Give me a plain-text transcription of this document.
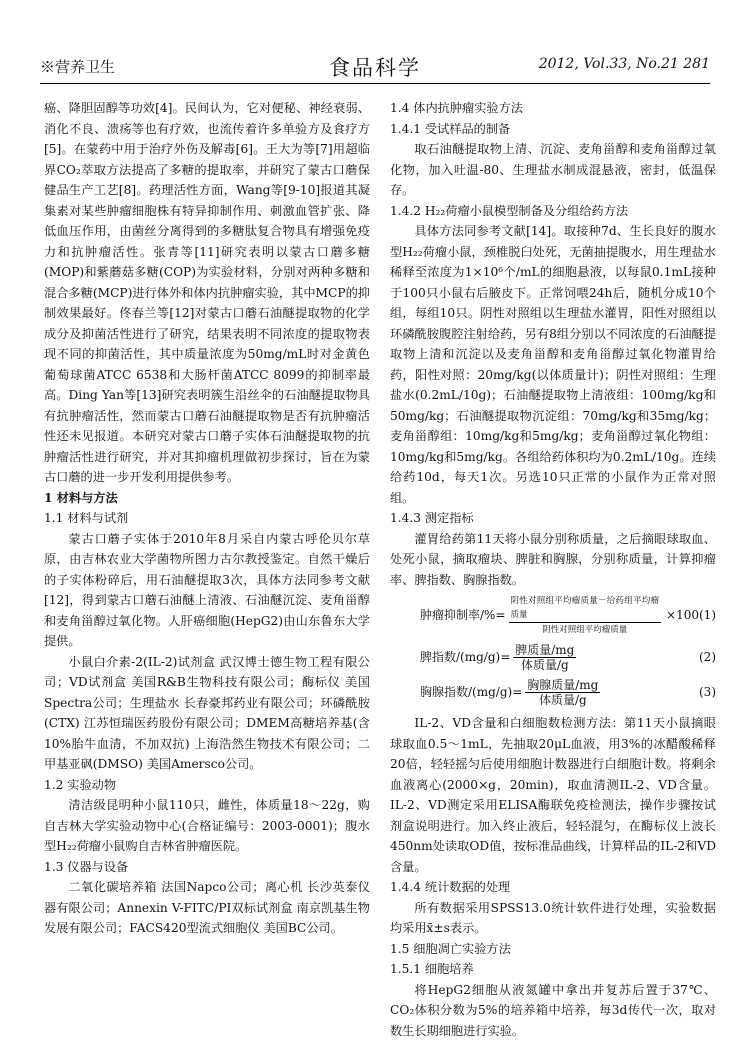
※营养卫生	食品科学	2012, Vol.33, No.21 281

癌、降胆固醇等功效[4]。民间认为，它对便秘、神经衰弱、消化不良、溃疡等也有疗效，也流传着许多单验方及食疗方[5]。在蒙药中用于治疗外伤及解毒[6]。王大为等[7]用超临界CO₂萃取方法提高了多糖的提取率，并研究了蒙古口蘑保健品生产工艺[8]。药理活性方面，Wang等[9-10]报道其凝集素对某些肿瘤细胞株有特异抑制作用、刺激血管扩张、降低血压作用，由菌丝分离得到的多糖肽复合物具有增强免疫力和抗肿瘤活性。张青等[11]研究表明以蒙古口蘑多糖(MOP)和紫蘑菇多糖(COP)为实验材料，分别对两种多糖和混合多糖(MCP)进行体外和体内抗肿瘤实验，其中MCP的抑制效果最好。佟春兰等[12]对蒙古口蘑石油醚提取物的化学成分及抑菌活性进行了研究，结果表明不同浓度的提取物表现不同的抑菌活性，其中质量浓度为50mg/mL时对金黄色葡萄球菌ATCC 6538和大肠杆菌ATCC 8099的抑制率最高。Ding Yan等[13]研究表明簇生沿丝伞的石油醚提取物具有抗肿瘤活性，然而蒙古口蘑石油醚提取物是否有抗肿瘤活性还未见报道。本研究对蒙古口蘑子实体石油醚提取物的抗肿瘤活性进行研究，并对其抑瘤机理做初步探讨，旨在为蒙古口蘑的进一步开发利用提供参考。

1 材料与方法

1.1 材料与试剂

蒙古口蘑子实体于2010年8月采自内蒙古呼伦贝尔草原，由吉林农业大学菌物所图力古尔教授鉴定。自然干燥后的子实体粉碎后，用石油醚提取3次，具体方法同参考文献[12]，得到蒙古口蘑石油醚上清液、石油醚沉淀、麦角甾醇和麦角甾醇过氧化物。人肝癌细胞(HepG2)由山东鲁东大学提供。

小鼠白介素-2(IL-2)试剂盒 武汉博士德生物工程有限公司；VD试剂盒 美国R&B生物科技有限公司；酶标仪 美国Spectra公司；生理盐水 长春豪邦药业有限公司；环磷酰胺 (CTX) 江苏恒瑞医药股份有限公司；DMEM高糖培养基(含10%胎牛血清，不加双抗) 上海浩然生物技术有限公司；二甲基亚砜(DMSO) 美国Amersco公司。

1.2 实验动物

清洁级昆明种小鼠110只，雌性，体质量18～22g，购自吉林大学实验动物中心(合格证编号：2003-0001)；腹水型H₂₂荷瘤小鼠购自吉林省肿瘤医院。

1.3 仪器与设备

二氧化碳培养箱 法国Napco公司；离心机 长沙英泰仪器有限公司；Annexin V-FITC/PI双标试剂盒 南京凯基生物发展有限公司；FACS420型流式细胞仪 美国BC公司。

1.4 体内抗肿瘤实验方法

1.4.1 受试样品的制备

取石油醚提取物上清、沉淀、麦角甾醇和麦角甾醇过氧化物，加入吐温-80、生理盐水制成混悬液，密封，低温保存。

1.4.2 H₂₂荷瘤小鼠模型制备及分组给药方法

具体方法同参考文献[14]。取接种7d、生长良好的腹水型H₂₂荷瘤小鼠，颈椎脱臼处死，无菌抽提腹水，用生理盐水稀释至浓度为1×10⁶个/mL的细胞悬液，以每鼠0.1mL接种于100只小鼠右后腋皮下。正常饲喂24h后，随机分成10个组，每组10只。阴性对照组以生理盐水灌胃，阳性对照组以环磷酰胺腹腔注射给药，另有8组分别以不同浓度的石油醚提取物上清和沉淀以及麦角甾醇和麦角甾醇过氧化物灌胃给药，阳性对照：20mg/kg(以体质量计)；阴性对照组：生理盐水(0.2mL/10g)；石油醚提取物上清液组：100mg/kg和50mg/kg；石油醚提取物沉淀组：70mg/kg和35mg/kg；麦角甾醇组：10mg/kg和5mg/kg；麦角甾醇过氧化物组：10mg/kg和5mg/kg。各组给药体积均为0.2mL/10g。连续给药10d，每天1次。另选10只正常的小鼠作为正常对照组。

1.4.3 测定指标

灌胃给药第11天将小鼠分别称质量，之后摘眼球取血、处死小鼠，摘取瘤块、脾脏和胸腺，分别称质量，计算抑瘤率、脾指数、胸腺指数。

肿瘤抑制率/%= $\frac{\text{阴性对照组平均瘤质量－给药组平均瘤质量}}{\text{阴性对照组平均瘤质量}} \times 100$ (1)
脾指数$/(mg/g)= \frac{\text{脾质量/mg}}{\text{体质量/g}}$	(2)
胸腺指数$/(mg/g)= \frac{\text{胸腺质量/mg}}{\text{体质量/g}}$	(3)

IL-2、VD含量和白细胞数检测方法：第11天小鼠摘眼球取血0.5～1mL，先抽取20μL血液，用3%的冰醋酸稀释20倍，轻轻摇匀后使用细胞计数器进行白细胞计数。将剩余血液离心(2000×g，20min)，取血清测IL-2、VD含量。IL-2、VD测定采用ELISA酶联免疫检测法，操作步骤按试剂盒说明进行。加入终止液后，轻轻混匀，在酶标仪上波长450nm处读取OD值，按标准品曲线，计算样品的IL-2和VD含量。

1.4.4 统计数据的处理

所有数据采用SPSS13.0统计软件进行处理，实验数据均采用x̄±s表示。

1.5 细胞凋亡实验方法

1.5.1 细胞培养

将HepG2细胞从液氮罐中拿出并复苏后置于37℃、CO₂体积分数为5%的培养箱中培养，每3d传代一次，取对数生长期细胞进行实验。
